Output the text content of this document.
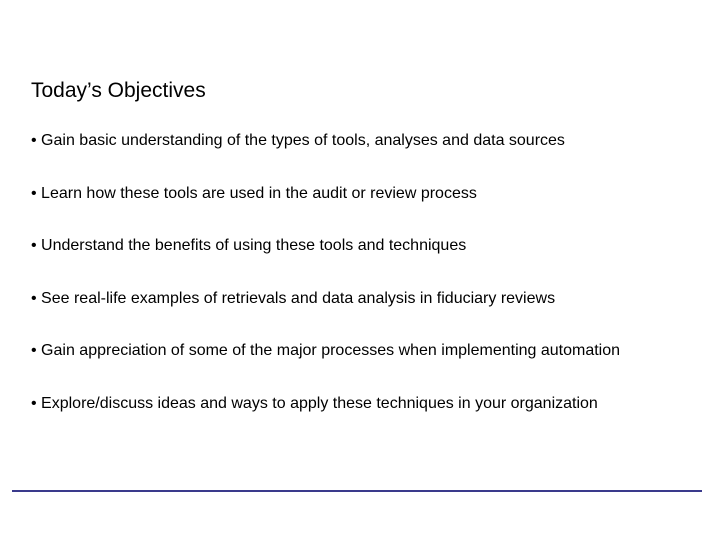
Today’s Objectives
• Gain basic understanding of the types of tools, analyses and data sources
• Learn how these tools are used in the audit or review process
• Understand the benefits of using these tools and techniques
• See real-life examples of retrievals and data analysis in fiduciary reviews
• Gain appreciation of some of the major processes when implementing automation
• Explore/discuss ideas and ways to apply these techniques in your organization
